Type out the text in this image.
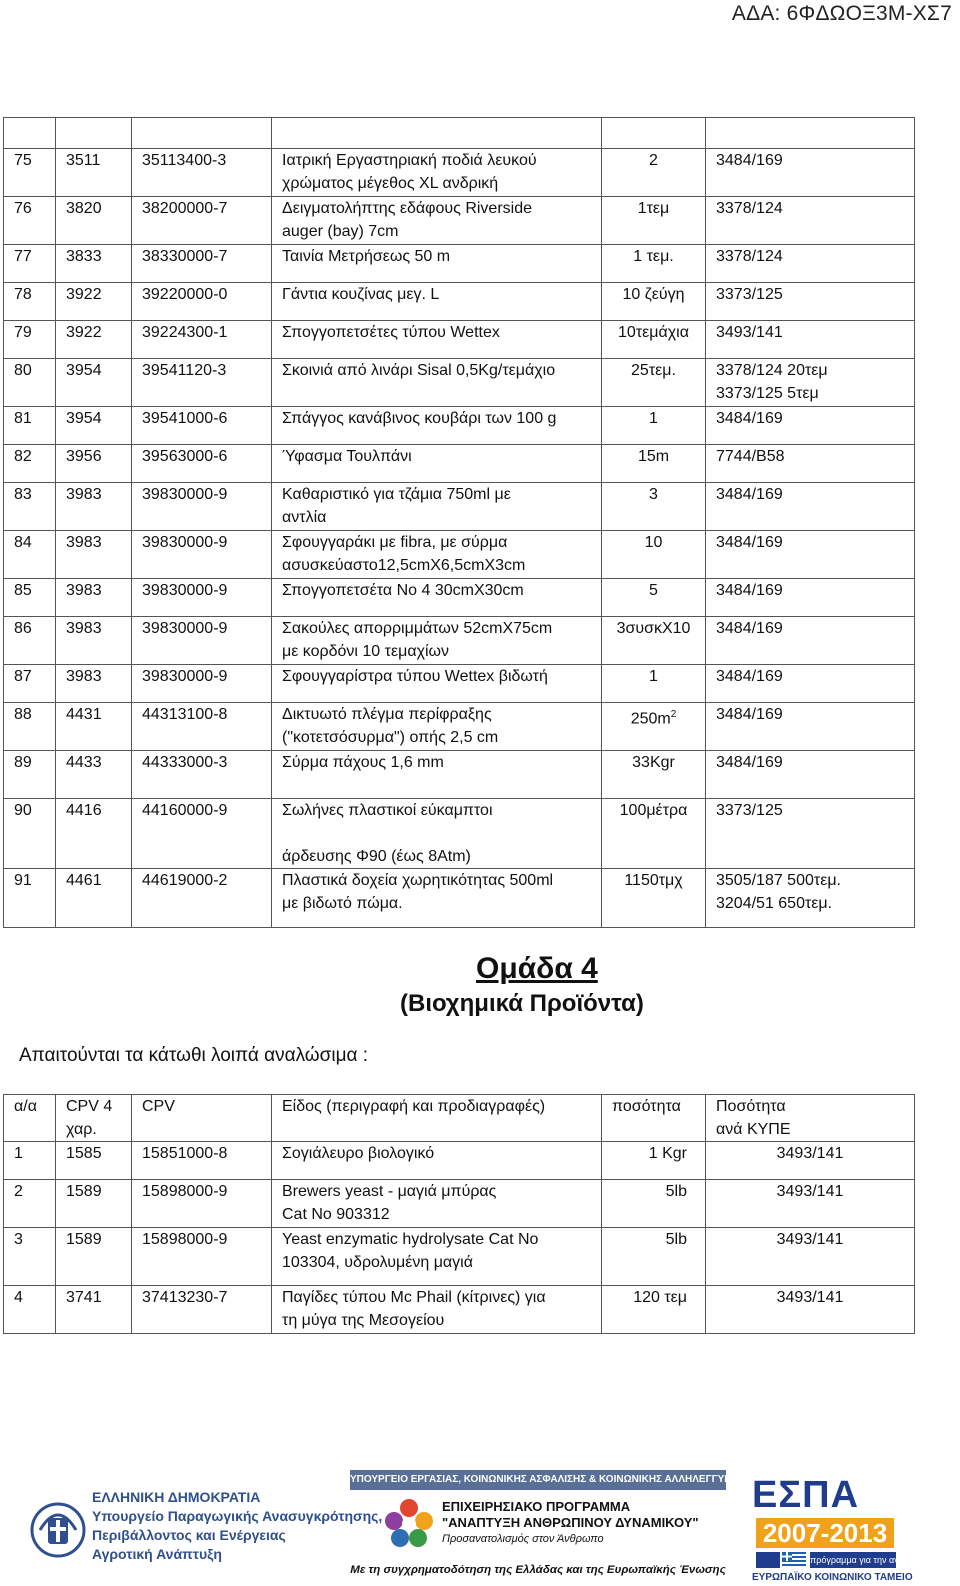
ΑΔΑ: 6ΦΔΩΟΞ3Μ-ΧΣ7

75	3511	35113400-3	Ιατρική Εργαστηριακή ποδιά λευκού
χρώματος μέγεθος XL ανδρική	2	3484/169
76	3820	38200000-7	Δειγματολήπτης εδάφους Riverside
auger (bay) 7cm	1τεμ	3378/124
77	3833	38330000-7	Ταινία Μετρήσεως 50 m	1 τεμ.	3378/124
78	3922	39220000-0	Γάντια κουζίνας μεγ. L	10 ζεύγη	3373/125
79	3922	39224300-1	Σπογγοπετσέτες τύπου Wettex	10τεμάχια	3493/141
80	3954	39541120-3	Σκοινιά από λινάρι Sisal 0,5Kg/τεμάχιο	25τεμ.	3378/124 20τεμ
3373/125 5τεμ
81	3954	39541000-6	Σπάγγος κανάβινος κουβάρι των 100 g	1	3484/169
82	3956	39563000-6	Ύφασμα Τουλπάνι	15m	7744/Β58
83	3983	39830000-9	Καθαριστικό για τζάμια 750ml με
αντλία	3	3484/169
84	3983	39830000-9	Σφουγγαράκι με fibra, με σύρμα
ασυσκεύαστο12,5cmX6,5cmX3cm	10	3484/169
85	3983	39830000-9	Σπογγοπετσέτα Νο 4 30cmX30cm	5	3484/169
86	3983	39830000-9	Σακούλες απορριμμάτων 52cmX75cm
με κορδόνι 10 τεμαχίων	3συσκΧ10	3484/169
87	3983	39830000-9	Σφουγγαρίστρα τύπου Wettex βιδωτή	1	3484/169
88	4431	44313100-8	Δικτυωτό πλέγμα περίφραξης
("κοτετσόσυρμα") οπής 2,5 cm	$250m^2$	3484/169
89	4433	44333000-3	Σύρμα πάχους 1,6 mm	33Kgr	3484/169
90	4416	44160000-9	Σωλήνες πλαστικοί εύκαμπτοι

άρδευσης Φ90 (έως 8Atm)	100μέτρα	3373/125
91	4461	44619000-2	Πλαστικά δοχεία χωρητικότητας 500ml
με βιδωτό πώμα.	1150τμχ	3505/187 500τεμ.
3204/51 650τεμ.
Ομάδα 4
(Βιοχημικά Προϊόντα)
Απαιτούνται τα κάτωθι λοιπά αναλώσιμα :
α/α	CPV 4
χαρ.	CPV	Είδος (περιγραφή και προδιαγραφές)	ποσότητα	Ποσότητα
ανά ΚΥΠΕ
1	1585	15851000-8	Σογιάλευρο βιολογικό	1 Kgr	3493/141
2	1589	15898000-9	Brewers yeast - μαγιά μπύρας
Cat No 903312	5lb	3493/141
3	1589	15898000-9	Yeast enzymatic hydrolysate Cat No
103304, υδρολυμένη μαγιά	5lb	3493/141
4	3741	37413230-7	Παγίδες τύπου Mc Phail (κίτρινες) για
τη μύγα της Μεσογείου	120 τεμ	3493/141
ΕΛΛΗΝΙΚΗ ΔΗΜΟΚΡΑΤΙΑ
Υπουργείο Παραγωγικής Ανασυγκρότησης,
Περιβάλλοντος και Ενέργειας
Αγροτική Ανάπτυξη
ΥΠΟΥΡΓΕΙΟ ΕΡΓΑΣΙΑΣ, ΚΟΙΝΩΝΙΚΗΣ ΑΣΦΑΛΙΣΗΣ & ΚΟΙΝΩΝΙΚΗΣ ΑΛΛΗΛΕΓΓΥΗΣ
ΕΠΙΧΕΙΡΗΣΙΑΚΟ ΠΡΟΓΡΑΜΜΑ
"ΑΝΑΠΤΥΞΗ ΑΝΘΡΩΠΙΝΟΥ ΔΥΝΑΜΙΚΟΥ"
Προσανατολισμός στον Άνθρωπο
Με τη συγχρηματοδότηση της Ελλάδας και της Ευρωπαϊκής Ένωσης
ΕΣΠΑ
2007-2013
πρόγραμμα για την ανάπτυξη
ΕΥΡΩΠΑΪΚΟ ΚΟΙΝΩΝΙΚΟ ΤΑΜΕΙΟ
